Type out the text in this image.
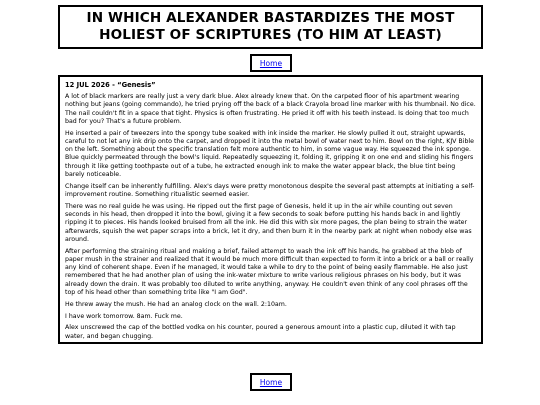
IN WHICH ALEXANDER BASTARDIZES THE MOST HOLIEST OF SCRIPTURES (TO HIM AT LEAST)
Home

12 JUL 2026 - “Genesis”

A lot of black markers are really just a very dark blue. Alex already knew that. On the carpeted floor of his apartment wearing nothing but jeans (going commando), he tried prying off the back of a black Crayola broad line marker with his thumbnail. No dice. The nail couldn't fit in a space that tight. Physics is often frustrating. He pried it off with his teeth instead. Is doing that too much bad for you? That's a future problem.

He inserted a pair of tweezers into the spongy tube soaked with ink inside the marker. He slowly pulled it out, straight upwards, careful to not let any ink drip onto the carpet, and dropped it into the metal bowl of water next to him. Bowl on the right, KJV Bible on the left. Something about the specific translation felt more authentic to him, in some vague way. He squeezed the ink sponge. Blue quickly permeated through the bowl's liquid. Repeatedly squeezing it, folding it, gripping it on one end and sliding his fingers through it like getting toothpaste out of a tube, he extracted enough ink to make the water appear black, the blue tint being barely noticeable.

Change itself can be inherently fulfilling. Alex's days were pretty monotonous despite the several past attempts at initiating a self-improvement routine. Something ritualistic seemed easier.

There was no real guide he was using. He ripped out the first page of Genesis, held it up in the air while counting out seven seconds in his head, then dropped it into the bowl, giving it a few seconds to soak before putting his hands back in and lightly ripping it to pieces. His hands looked bruised from all the ink. He did this with six more pages, the plan being to strain the water afterwards, squish the wet paper scraps into a brick, let it dry, and then burn it in the nearby park at night when nobody else was around.

After performing the straining ritual and making a brief, failed attempt to wash the ink off his hands, he grabbed at the blob of paper mush in the strainer and realized that it would be much more difficult than expected to form it into a brick or a ball or really any kind of coherent shape. Even if he managed, it would take a while to dry to the point of being easily flammable. He also just remembered that he had another plan of using the ink-water mixture to write various religious phrases on his body, but it was already down the drain. It was probably too diluted to write anything, anyway. He couldn't even think of any cool phrases off the top of his head other than something trite like "I am God".

He threw away the mush. He had an analog clock on the wall. 2:10am.

I have work tomorrow. 8am. Fuck me.

Alex unscrewed the cap of the bottled vodka on his counter, poured a generous amount into a plastic cup, diluted it with tap water, and began chugging.

Home
